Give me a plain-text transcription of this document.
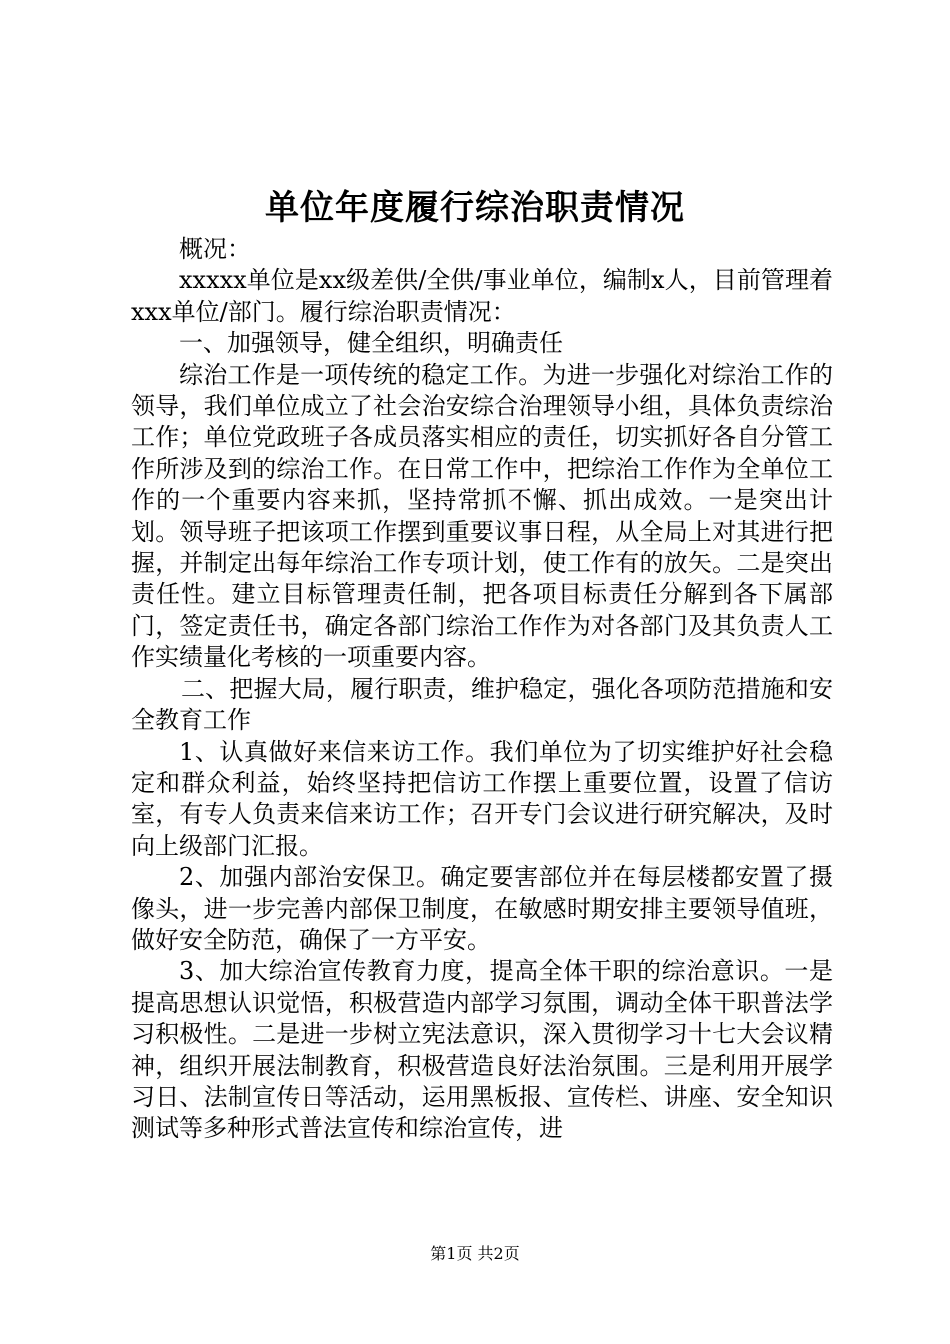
单位年度履行综治职责情况

概况：

xxxxx单位是xx级差供/全供/事业单位，编制x人，目前管理着xxx单位/部门。履行综治职责情况：

一、加强领导，健全组织，明确责任

综治工作是一项传统的稳定工作。为进一步强化对综治工作的领导，我们单位成立了社会治安综合治理领导小组，具体负责综治工作；单位党政班子各成员落实相应的责任，切实抓好各自分管工作所涉及到的综治工作。在日常工作中，把综治工作作为全单位工作的一个重要内容来抓，坚持常抓不懈、抓出成效。一是突出计划。领导班子把该项工作摆到重要议事日程，从全局上对其进行把握，并制定出每年综治工作专项计划，使工作有的放矢。二是突出责任性。建立目标管理责任制，把各项目标责任分解到各下属部门，签定责任书，确定各部门综治工作作为对各部门及其负责人工作实绩量化考核的一项重要内容。

二、把握大局，履行职责，维护稳定，强化各项防范措施和安全教育工作

1、认真做好来信来访工作。我们单位为了切实维护好社会稳定和群众利益，始终坚持把信访工作摆上重要位置，设置了信访室，有专人负责来信来访工作；召开专门会议进行研究解决，及时向上级部门汇报。

2、加强内部治安保卫。确定要害部位并在每层楼都安置了摄像头，进一步完善内部保卫制度，在敏感时期安排主要领导值班，做好安全防范，确保了一方平安。

3、加大综治宣传教育力度，提高全体干职的综治意识。一是提高思想认识觉悟，积极营造内部学习氛围，调动全体干职普法学习积极性。二是进一步树立宪法意识，深入贯彻学习十七大会议精神，组织开展法制教育，积极营造良好法治氛围。三是利用开展学习日、法制宣传日等活动，运用黑板报、宣传栏、讲座、安全知识测试等多种形式普法宣传和综治宣传，进

第1页 共2页
